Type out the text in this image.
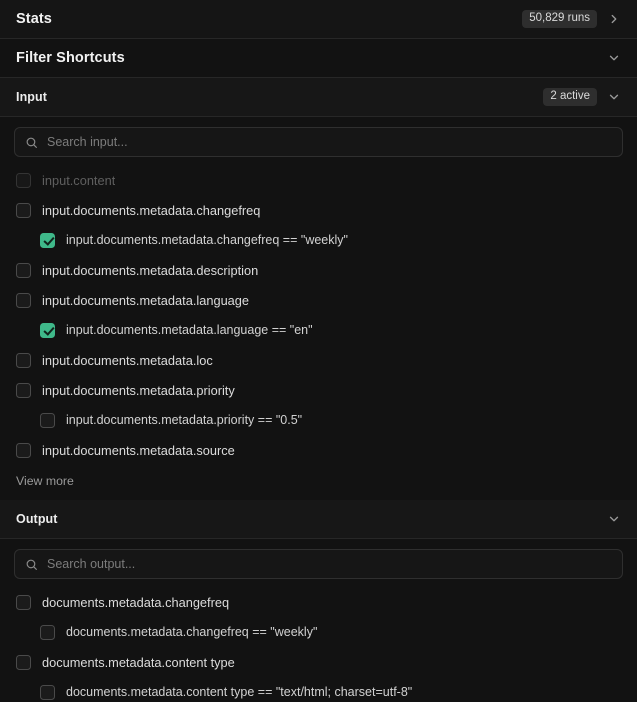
Stats	50,829 runs
Filter Shortcuts
Input	2 active
Search input...
input.content
input.documents.metadata.changefreq
input.documents.metadata.changefreq == "weekly"
input.documents.metadata.description
input.documents.metadata.language
input.documents.metadata.language == "en"
input.documents.metadata.loc
input.documents.metadata.priority
input.documents.metadata.priority == "0.5"
input.documents.metadata.source
View more
Output
Search output...
documents.metadata.changefreq
documents.metadata.changefreq == "weekly"
documents.metadata.content type
documents.metadata.content type == "text/html; charset=utf-8"
